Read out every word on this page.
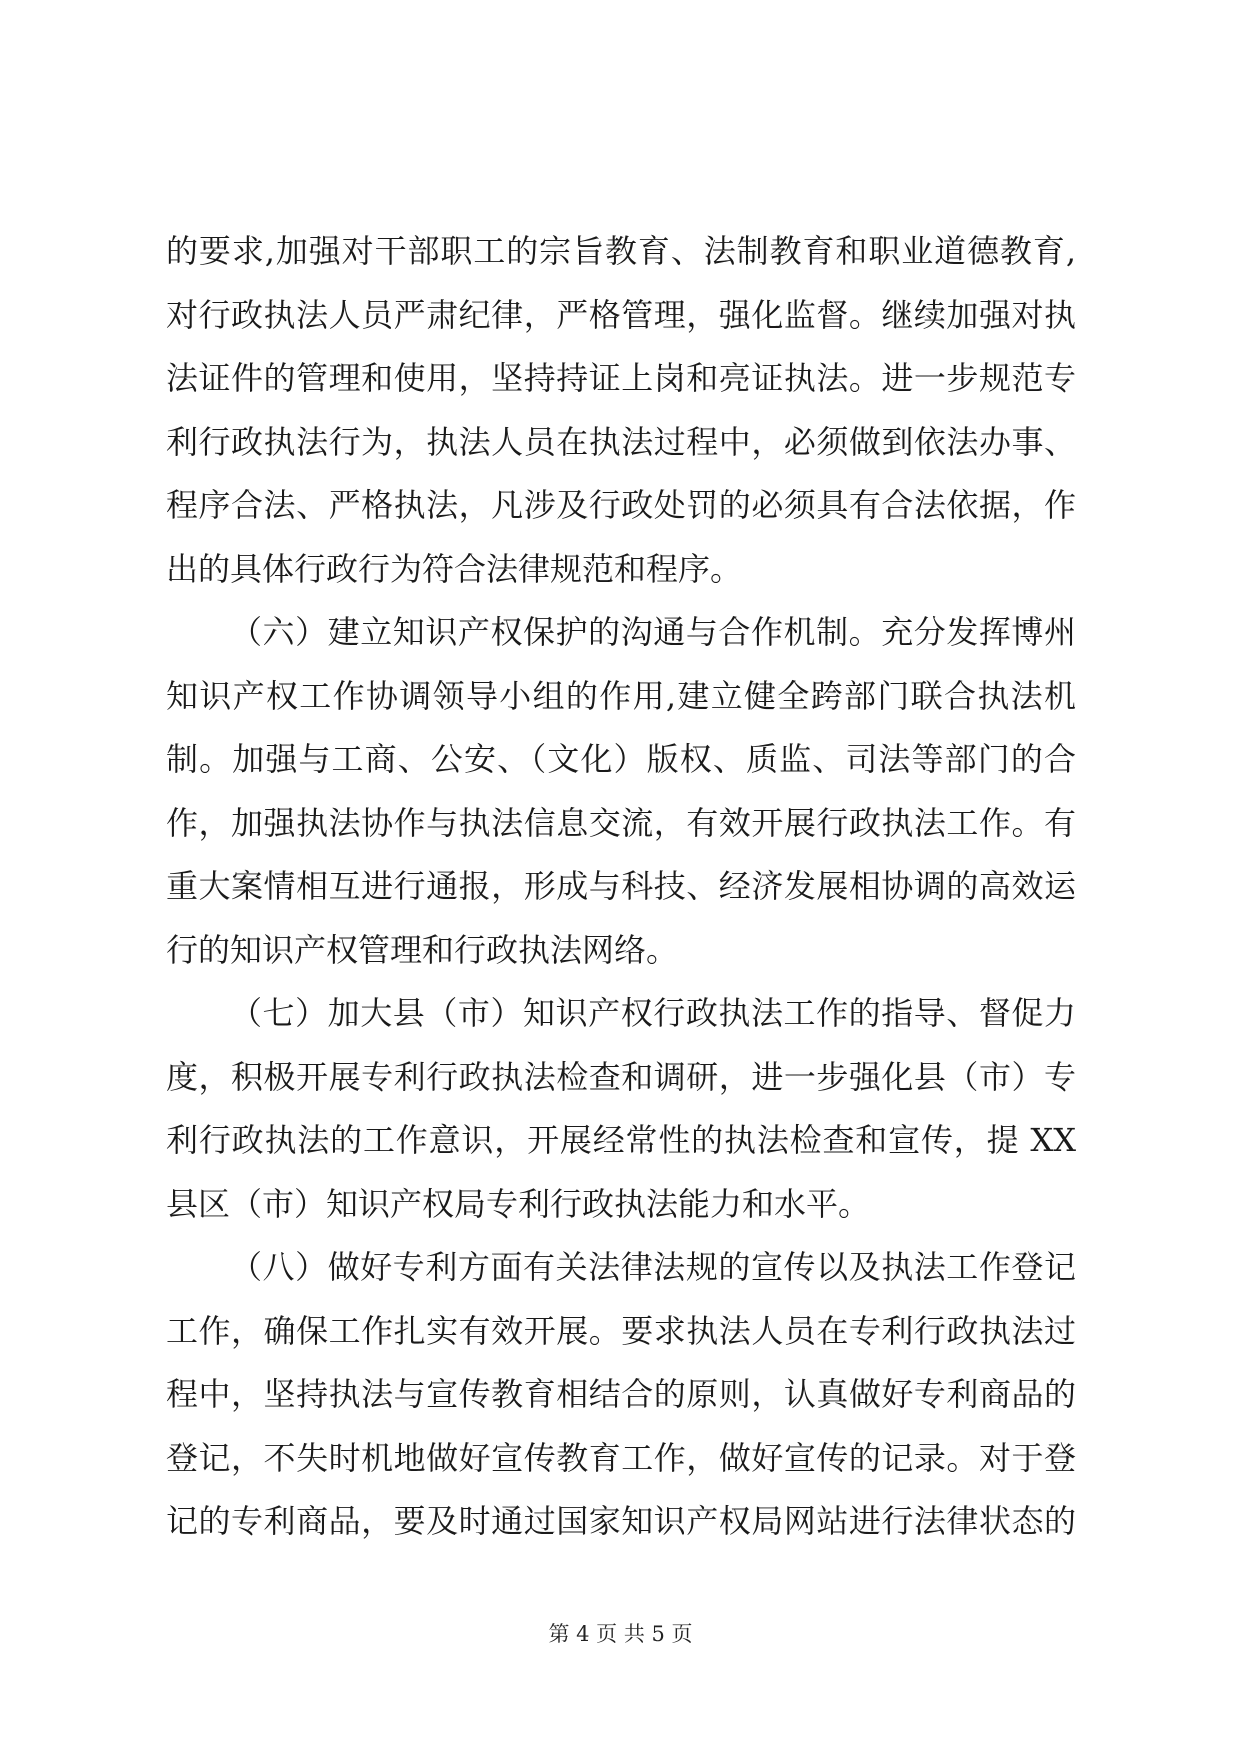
的要求,加强对干部职工的宗旨教育、法制教育和职业道德教育,
对行政执法人员严肃纪律，严格管理，强化监督。继续加强对执
法证件的管理和使用，坚持持证上岗和亮证执法。进一步规范专
利行政执法行为，执法人员在执法过程中，必须做到依法办事、
程序合法、严格执法，凡涉及行政处罚的必须具有合法依据，作
出的具体行政行为符合法律规范和程序。
（六）建立知识产权保护的沟通与合作机制。充分发挥博州
知识产权工作协调领导小组的作用,建立健全跨部门联合执法机
制。加强与工商、公安、（文化）版权、质监、司法等部门的合
作，加强执法协作与执法信息交流，有效开展行政执法工作。有
重大案情相互进行通报，形成与科技、经济发展相协调的高效运
行的知识产权管理和行政执法网络。
（七）加大县（市）知识产权行政执法工作的指导、督促力
度，积极开展专利行政执法检查和调研，进一步强化县（市）专
利行政执法的工作意识，开展经常性的执法检查和宣传，提 XX
县区（市）知识产权局专利行政执法能力和水平。
（八）做好专利方面有关法律法规的宣传以及执法工作登记
工作，确保工作扎实有效开展。要求执法人员在专利行政执法过
程中，坚持执法与宣传教育相结合的原则，认真做好专利商品的
登记，不失时机地做好宣传教育工作，做好宣传的记录。对于登
记的专利商品，要及时通过国家知识产权局网站进行法律状态的
第 4 页 共 5 页
